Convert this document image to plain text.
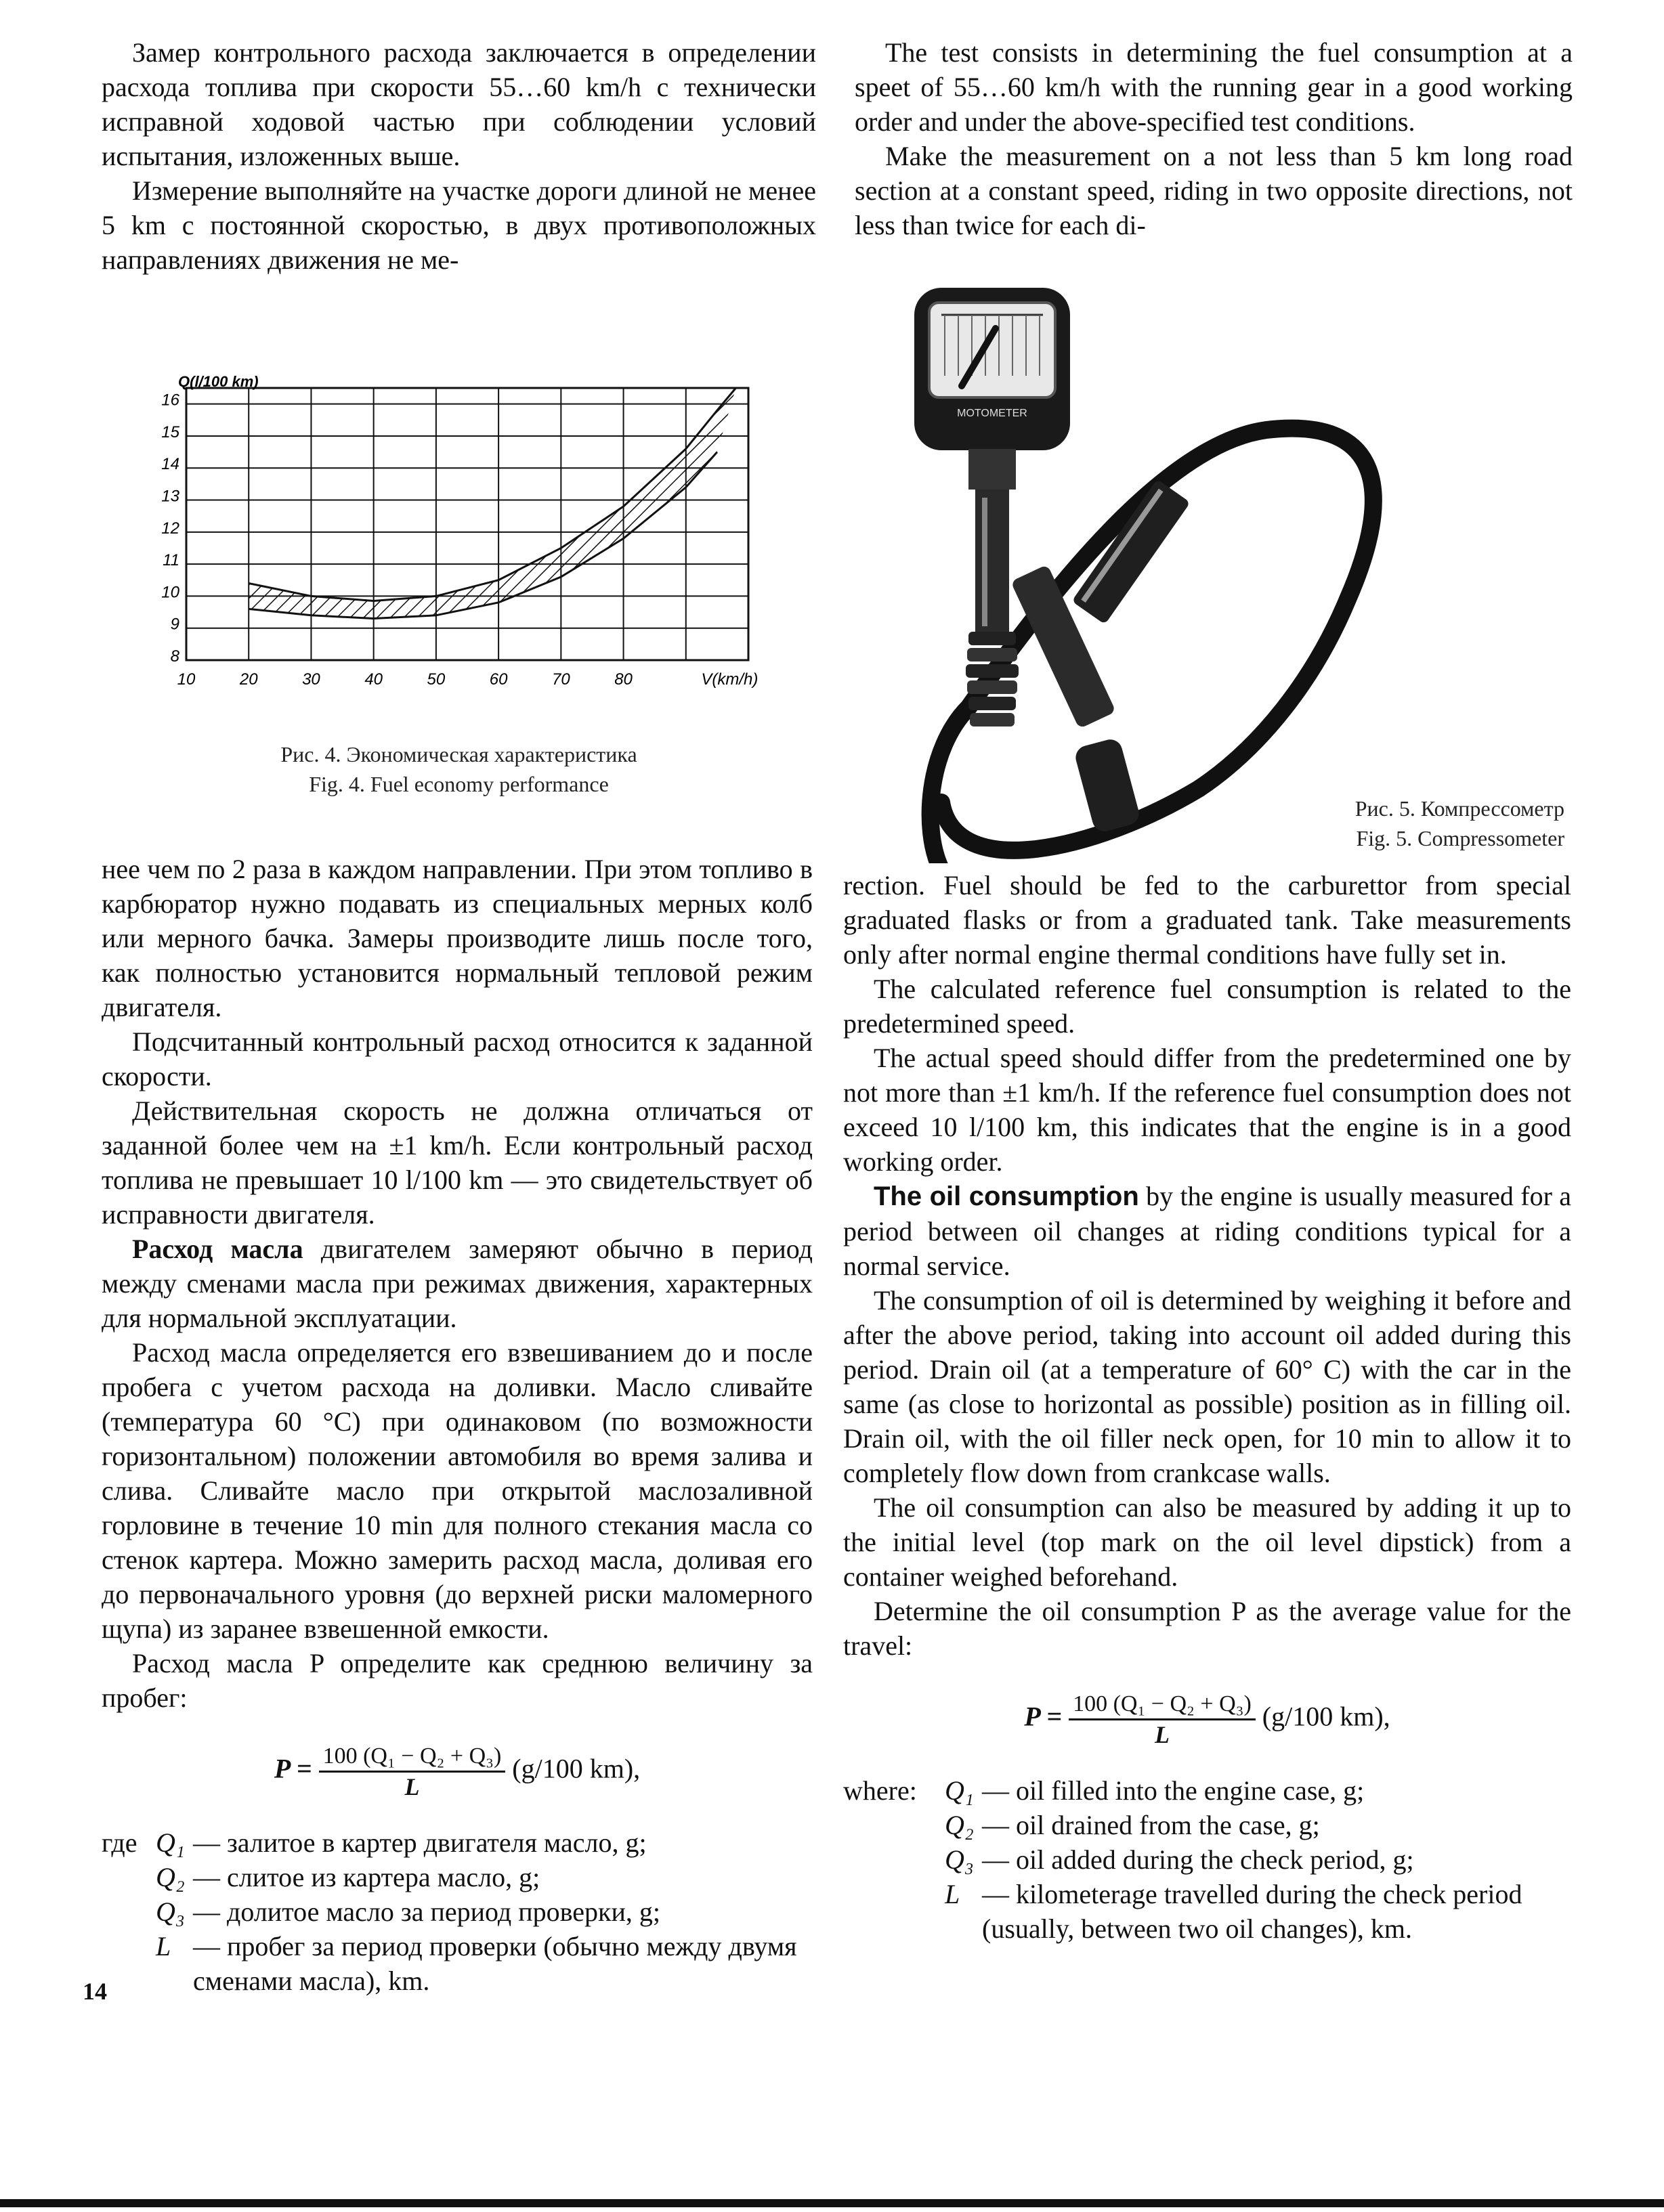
Замер контрольного расхода заключается в определении расхода топлива при скорости 55…60 km/h с технически исправной ходовой частью при соблюдении условий испытания, изложенных выше.

Измерение выполняйте на участке дороги длиной не менее 5 km с постоянной скоростью, в двух противоположных направлениях движения не ме-

The test consists in determining the fuel consumption at a speet of 55…60 km/h with the running gear in a good working order and under the above-specified test conditions.

Make the measurement on a not less than 5 km long road section at a constant speed, riding in two opposite directions, not less than twice for each di-

10	20	30	40	50	60	70	80	V(km/h)
8
9
10
11
12
13
14
15
16
Q(l/100 km)
Рис. 4. Экономическая характеристика
Fig. 4. Fuel economy performance
MOTOMETER
Рис. 5. Компрессометр
Fig. 5. Compressometer

нее чем по 2 раза в каждом направлении. При этом топливо в карбюратор нужно подавать из специальных мерных колб или мерного бачка. Замеры производите лишь после того, как полностью установится нормальный тепловой режим двигателя.

Подсчитанный контрольный расход относится к заданной скорости.

Действительная скорость не должна отличаться от заданной более чем на ±1 km/h. Если контрольный расход топлива не превышает 10 l/100 km — это свидетельствует об исправности двигателя.

Расход масла двигателем замеряют обычно в период между сменами масла при режимах движения, характерных для нормальной эксплуатации.

Расход масла определяется его взвешиванием до и после пробега с учетом расхода на доливки. Масло сливайте (температура 60 °C) при одинаковом (по возможности горизонтальном) положении автомобиля во время залива и слива. Сливайте масло при открытой маслозаливной горловине в течение 10 min для полного стекания масла со стенок картера. Можно замерить расход масла, доливая его до первоначального уровня (до верхней риски маломерного щупа) из заранее взвешенной емкости.

Расход масла P определите как среднюю величину за пробег:

$P = \frac{\text{100 (Q₁ − Q₂ + Q₃)}}{L} (g/100$ km),
где Q₁ — залитое в картер двигателя масло, g;
Q₂ — слитое из картера масло, g;
Q₃ — долитое масло за период проверки, g;
L — пробег за период проверки (обычно между двумя сменами масла), km.

rection. Fuel should be fed to the carburettor from special graduated flasks or from a graduated tank. Take measurements only after normal engine thermal conditions have fully set in.

The calculated reference fuel consumption is related to the predetermined speed.

The actual speed should differ from the predetermined one by not more than ±1 km/h. If the reference fuel consumption does not exceed 10 l/100 km, this indicates that the engine is in a good working order.

The oil consumption by the engine is usually measured for a period between oil changes at riding conditions typical for a normal service.

The consumption of oil is determined by weighing it before and after the above period, taking into account oil added during this period. Drain oil (at a temperature of 60° C) with the car in the same (as close to horizontal as possible) position as in filling oil. Drain oil, with the oil filler neck open, for 10 min to allow it to completely flow down from crankcase walls.

The oil consumption can also be measured by adding it up to the initial level (top mark on the oil level dipstick) from a container weighed beforehand.

Determine the oil consumption P as the average value for the travel:

$P = \frac{\text{100 (Q₁ − Q₂ + Q₃)}}{L} (g/100$ km),
where:	Q₁ — oil filled into the engine case, g;
Q₂ — oil drained from the case, g;
Q₃ — oil added during the check period, g;
L — kilometerage travelled during the check period (usually, between two oil changes), km.
14
